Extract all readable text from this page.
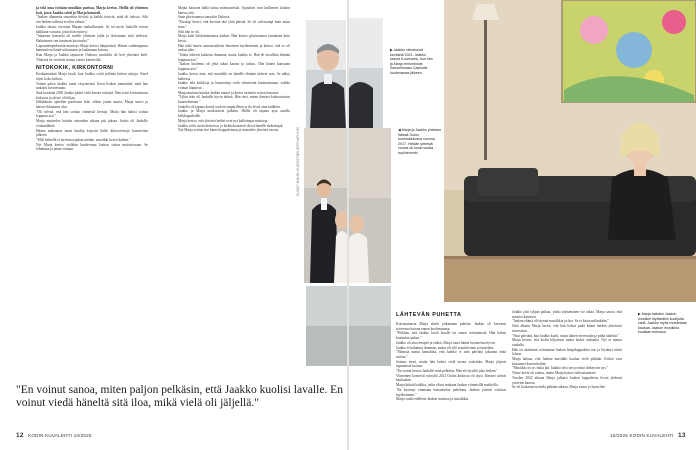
ja teki oma työtään musiikin parissa, Marja kertoo. Heillä oli yhteinen koti, jossa Jaakko soitti ja Marja kuunteli.

"Jaakon tilannetta seurattiin tiiviisti ja kaikki tiesivät, mitä oli tulossa. Silti sen hetken tullessa ei ollut valmis."

Jaakko oksasi arvostaa Marjan rauhallisuutta. Se toi myös Jaakolle turvaa kaikkina vuosina, joina hän esiintyi.

"Jokainen konsertti oli meille yhteinen juhla ja iloitsimme siitä yhdessä. Halusimme sen tuntuvan kotoisalta."

Lapsuudenperheestä muistoja Marja kertoo lämpimästi. Hänen vanhempansa kannustivat häntä soittamaan ja laulamaan kotona.

Kun Marja ja Jaakko tapasivat Oulussa, musiikki oli heti yhteinen kieli. Yhdessä he viettivät monta vuotta kiertueilla.

NITOKOKIK, KIRKONTORNI

Keskimmäistä Marja kuuli, kun Jaakko soitti pitkään kirkon urkuja. Sävel täytti koko kirkon.

Toinen päivä Jaakko sanoi väsyneensä. Kesti hetken ymmärtää, mitä hän tarkoitti kertoessaan.

Sinä keväänä 2020 Jaakko päätti vielä kerran esiintyä. Hän soitti kotiseutunsa kirkossa ja yleisö oli hiljaa.

Jälkikäteen ajatellen puolisona koki silloin jotain suurta, Marja sanoo ja katsoo ikkunasta ulos.

"Oli selvää, että hän soittaa viimeisiä kertoja. Mutta hän halusi soittaa loppuun asti."

Marja muistelee kuinka sairauden aikana piti jaksaa. Soitto oli Jaakolle voimanlähde.

Hänen mukaansa moni kuulija kirjoitti heille kiitosviestejä konserttien jälkeen.

"Sillä hetkellä ei tarvinnut puhua mitään, musiikki kertoi kaiken."

Nyt Marja kertoo vieläkin kuulevansa Jaakon soiton muistoissaan. Se lohduttaa ja antaa voimaa.

Matka hautoon halki tuttua mäntymetsää. Ajatukset ovat kulkeneet Jaakon kanssa yhä.

Sana gloriosamoa sanottiin Oulussa.

"Kirsaigi kertoi, että kuvitaa tätä yhtä päivää. Se oli valoisampi kuin moni muu."

Silti hän se oli.

Marja kuki lohduttomaansa kaiken. Hän kertoo gloriosamoa tuntuneen kuin kevät.

Hän näki hauen sairausvaiheen ilmeneen myöhemmin ja kertoo, että se oli raskas aika.

"Jotkut tekevät kaikesta draamaa, mutta Jaakko ei. Hän eli tavallista elämää loppuun asti."

"Jaakon kuolema oli yhtä aikaa kaunis ja raskas. Olin hänen kanssaan loppuun asti."

Jaakko kertoi aina, että musiikki on hänelle elämän tärkein asia. Se näkyi kaikessa.

Jaakko teki keikkoja ja konsertteja vielä viimeisinä kuukausinaan, vaikka voimat hiipuivat.

Marja muistaa kuinka Jaakko nauroi ja kertoi tarinoita soiton lomassa.

"Tykin teko oli Jaakolle hyvin tärkeä. Hän tiesi, miten ihmiset kokoontuivat kuuntelemaan."

Jaakolla oli tapana kerätä ystäviä ympärilleen ja ilo levisi aina kaikkiin.

Jaakko ja Marja matkustivat pitkään. Heillä oli tapana ajaa autolla keikkapaikoille.

Marja kertoo, että yhteiset hetket ovat nyt kalleimpia muistoja.

Jaakko soitti usein kirkoissa, ja kirkkokonsertit olivat hänelle tärkeimpiä.

Nyt Marja soittaa itse hänen kappaleitaan ja muistelee yhteisiä vuosia.

"En voinut sanoa, miten paljon pelkäsin, että Jaakko kuolisi lavalle. En voinut viedä häneltä sitä iloa, mikä vielä oli jäljellä."
12 KODIN KUVALEHTI 10/2025
KUVAT MAIJA HUOSSTON ARTHUR KIVI
▶ Jaakko viimeisenä keväänä 2021. Jaakko kasvoi Kuohuvesi, kun hän ja Marja remontoivat Savonlinnaan Casinolle kuolemansa jälkeen.
◀ Marja ja Jaakko yhteisen häissä Oulun tuomiokirkossa vuonna 2017. Heidän yhteisiä vuosia oli kuusi vuotta myöhemmin.
LÄHTEVÄN PUHETTA

Kotisatamasta Marja aloitti jatkamaan puhetta. Jaakko oli kertonut toiveensa kotona ennen kuolemaansa.

"Pelkään, että Jaakko kuoli lavalle tai ennen esiintymistä. Hän halusi kuitenkin jatkaa."

Jaakko oli aina lempeä ja sitkeä. Marja tunsi hänen luonteensa hyvin.

Jaakko ei halunnut draamaa, mutta oli silti sensitiivinen ja tunteikas.

"Minusta tuntui kamalalta, että Jaakko ei sinä päivänä jaksanut enää soittaa."

Sairaus eteni, mutta hän halusi vielä tavata ystäviään. Marja järjesti tapaamisia kotona.

"En voinut kertoa Jaakolle mitä pelkäsin. Hän eli täysillä joka hetken."

Viimeinen konsertti syksyllä 2021 Oulun kirkossa oli täysi. Ihmiset tulivat kaukaakin.

Marja kiittää kaikkia, jotka olivat mukana Jaakon viimeisillä matkoilla.

"En kyennyt ottamaan haastattelua puheluna. Jaakon ystävät soittivat myöhemmin."

Marja vaalii edelleen Jaakon muistoa ja musiikkia.

Jaakko jätti tyhjän paikan, jonka täyttäminen vie aikaa. Marja sanoo, että muistot kantavat.

"Jaakon elämä oli täynnä musiikkia ja iloa. Se ei katoa mihinkään."

Siitä alkaen Marja kertoi, että hän halusi pitää kiinni heidän yhteisistä tavoistaan.

"Sinä päivänä, kun Jaakko kuoli, istuin hänen vieressään ja pidin kädestä."

Marja kertoo, että kodin hiljaisuus tuntui aluksi raskaalta. Nyt se tuntuu rauhalta.

Hän on aloittanut soittamaan Jaakon lempikappaleita itse ja löytänyt niistä lohtua.

Marja haluaa, että Jaakon musiikki kuuluu vielä pitkään. Kirkot ovat kutsuneet konsertteihin.

"Musiikki on se, mikä jää. Jaakko tiesi sen ja minä tiedän sen nyt."

Viime kevät oli raskas, mutta Marja katsoo tulevaisuuteen.

Vuoden 2022 aikana Marja julkaisi Jaakon kappaleista levyn yhdessä ystävien kanssa.

Se oli koskettavin hetki pitkään aikaan, Marja sanoo ja hymyilee.

▶ Marja haluaisi Jaakon musiikin löytäviäkin kuulijoita vielä. Jaakko myös muistetaan kaukaa. Jaakon musiikkia kuullaan kirkossa.
10/2025 KODIN KUVALEHTI 13
